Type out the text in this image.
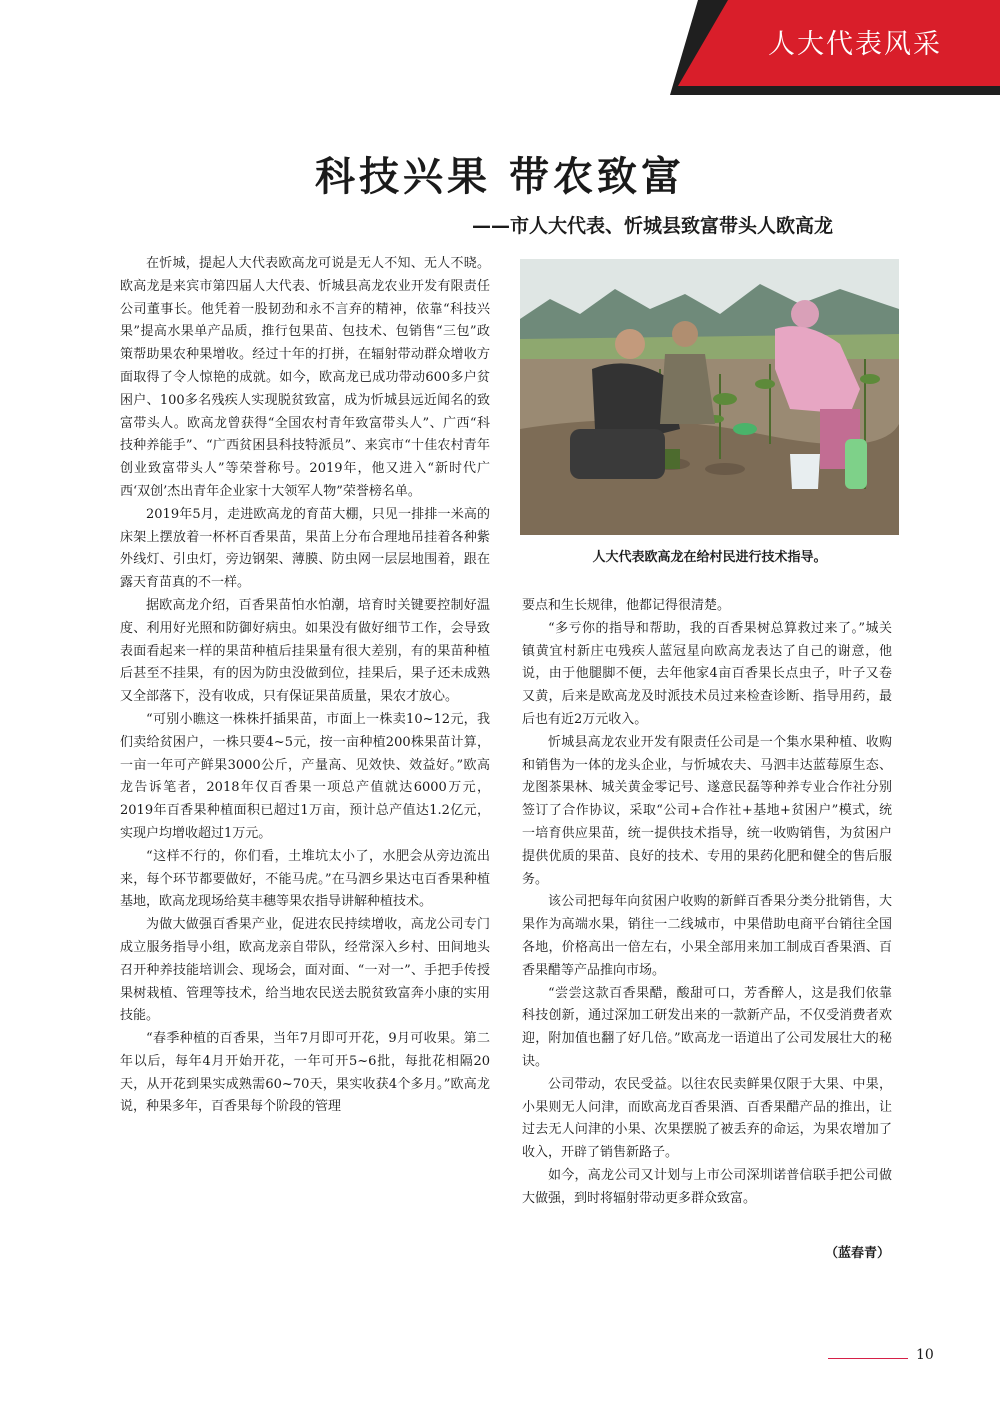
人大代表风采
科技兴果 带农致富
——市人大代表、忻城县致富带头人欧高龙

在忻城，提起人大代表欧高龙可说是无人不知、无人不晓。欧高龙是来宾市第四届人大代表、忻城县高龙农业开发有限责任公司董事长。他凭着一股韧劲和永不言弃的精神，依靠“科技兴果”提高水果单产品质，推行包果苗、包技术、包销售“三包”政策帮助果农种果增收。经过十年的打拼，在辐射带动群众增收方面取得了令人惊艳的成就。如今，欧高龙已成功带动600多户贫困户、100多名残疾人实现脱贫致富，成为忻城县远近闻名的致富带头人。欧高龙曾获得“全国农村青年致富带头人”、广西“科技种养能手”、“广西贫困县科技特派员”、来宾市“十佳农村青年创业致富带头人”等荣誉称号。2019年，他又进入“新时代广西‘双创’杰出青年企业家十大领军人物”荣誉榜名单。

2019年5月，走进欧高龙的育苗大棚，只见一排排一米高的床架上摆放着一杯杯百香果苗，果苗上分布合理地吊挂着各种紫外线灯、引虫灯，旁边钢架、薄膜、防虫网一层层地围着，跟在露天育苗真的不一样。

据欧高龙介绍，百香果苗怕水怕潮，培育时关键要控制好温度、利用好光照和防御好病虫。如果没有做好细节工作，会导致表面看起来一样的果苗种植后挂果量有很大差别，有的果苗种植后甚至不挂果，有的因为防虫没做到位，挂果后，果子还未成熟又全部落下，没有收成，只有保证果苗质量，果农才放心。

“可别小瞧这一株株扦插果苗，市面上一株卖10~12元，我们卖给贫困户，一株只要4~5元，按一亩种植200株果苗计算，一亩一年可产鲜果3000公斤，产量高、见效快、效益好。”欧高龙告诉笔者，2018年仅百香果一项总产值就达6000万元，2019年百香果种植面积已超过1万亩，预计总产值达1.2亿元，实现户均增收超过1万元。

“这样不行的，你们看，土堆坑太小了，水肥会从旁边流出来，每个环节都要做好，不能马虎。”在马泗乡果达屯百香果种植基地，欧高龙现场给莫丰穗等果农指导讲解种植技术。

为做大做强百香果产业，促进农民持续增收，高龙公司专门成立服务指导小组，欧高龙亲自带队，经常深入乡村、田间地头召开种养技能培训会、现场会，面对面、“一对一”、手把手传授果树栽植、管理等技术，给当地农民送去脱贫致富奔小康的实用技能。

“春季种植的百香果，当年7月即可开花，9月可收果。第二年以后，每年4月开始开花，一年可开5~6批，每批花相隔20天，从开花到果实成熟需60~70天，果实收获4个多月。”欧高龙说，种果多年，百香果每个阶段的管理

人大代表欧高龙在给村民进行技术指导。

要点和生长规律，他都记得很清楚。

“多亏你的指导和帮助，我的百香果树总算救过来了。”城关镇黄宜村新庄屯残疾人蓝冠星向欧高龙表达了自己的谢意，他说，由于他腿脚不便，去年他家4亩百香果长点虫子，叶子又卷又黄，后来是欧高龙及时派技术员过来检查诊断、指导用药，最后也有近2万元收入。

忻城县高龙农业开发有限责任公司是一个集水果种植、收购和销售为一体的龙头企业，与忻城农夫、马泗丰达蓝莓原生态、龙图茶果林、城关黄金零记号、遂意民磊等种养专业合作社分别签订了合作协议，采取“公司+合作社+基地+贫困户”模式，统一培育供应果苗，统一提供技术指导，统一收购销售，为贫困户提供优质的果苗、良好的技术、专用的果药化肥和健全的售后服务。

该公司把每年向贫困户收购的新鲜百香果分类分批销售，大果作为高端水果，销往一二线城市，中果借助电商平台销往全国各地，价格高出一倍左右，小果全部用来加工制成百香果酒、百香果醋等产品推向市场。

“尝尝这款百香果醋，酸甜可口，芳香醉人，这是我们依靠科技创新，通过深加工研发出来的一款新产品，不仅受消费者欢迎，附加值也翻了好几倍。”欧高龙一语道出了公司发展壮大的秘诀。

公司带动，农民受益。以往农民卖鲜果仅限于大果、中果，小果则无人问津，而欧高龙百香果酒、百香果醋产品的推出，让过去无人问津的小果、次果摆脱了被丢弃的命运，为果农增加了收入，开辟了销售新路子。

如今，高龙公司又计划与上市公司深圳诺普信联手把公司做大做强，到时将辐射带动更多群众致富。

（蓝春青）
10
